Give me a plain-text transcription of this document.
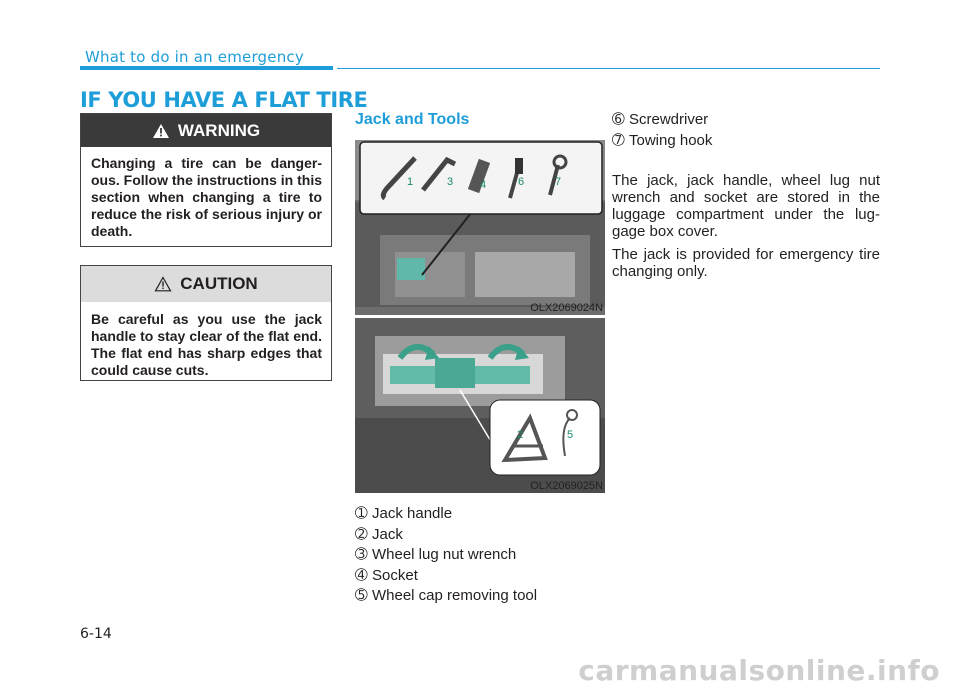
What to do in an emergency
IF YOU HAVE A FLAT TIRE
WARNING
Changing a tire can be danger-ous. Follow the instructions in this section when changing a tire to reduce the risk of serious injury or death.
CAUTION
Be careful as you use the jack handle to stay clear of the flat end. The flat end has sharp edges that could cause cuts.
Jack and Tools
1	3 4	6	7
OLX2069024N
2	5
OLX2069025N
➀ Jack handle
➁ Jack
➂ Wheel lug nut wrench
➃ Socket
➄ Wheel cap removing tool
➅ Screwdriver
➆ Towing hook

The jack, jack handle, wheel lug nut wrench and socket are stored in the luggage compartment under the lug-gage box cover.

The jack is provided for emergency tire changing only.

6-14
carmanualsonline.info
